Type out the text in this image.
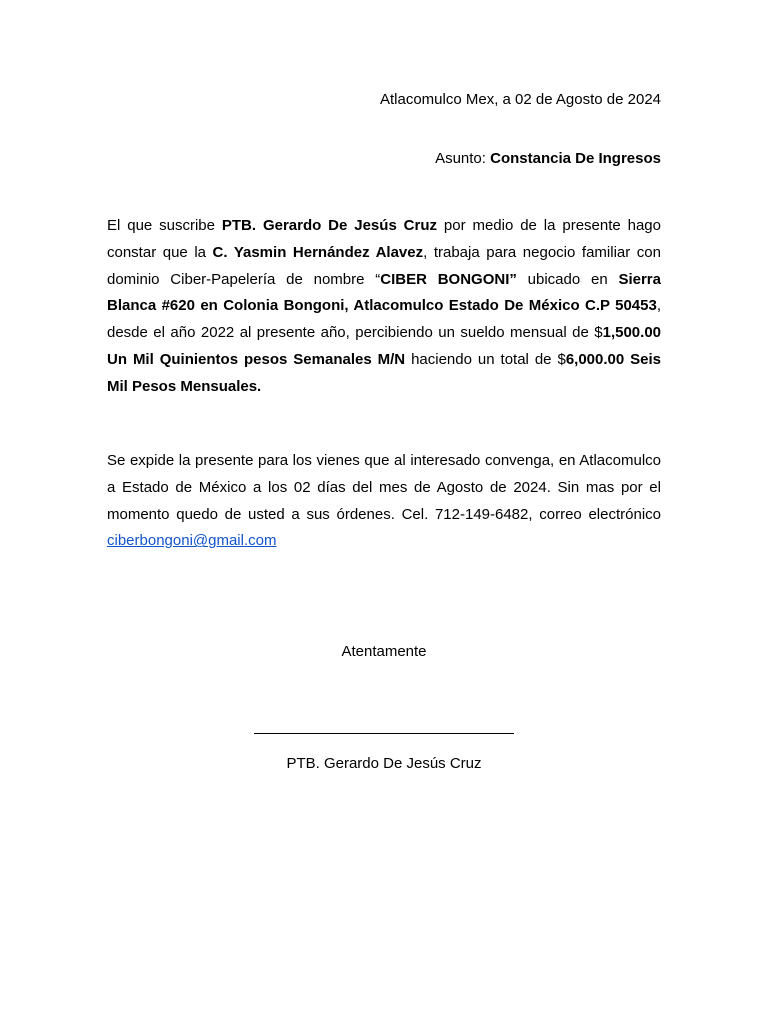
Atlacomulco Mex, a 02 de Agosto de 2024
Asunto: Constancia De Ingresos
El que suscribe PTB. Gerardo De Jesús Cruz por medio de la presente hago constar que la C. Yasmin Hernández Alavez, trabaja para negocio familiar con dominio Ciber-Papelería de nombre “CIBER BONGONI” ubicado en Sierra Blanca #620 en Colonia Bongoni, Atlacomulco Estado De México C.P 50453, desde el año 2022 al presente año, percibiendo un sueldo mensual de $1,500.00 Un Mil Quinientos pesos Semanales M/N haciendo un total de $6,000.00 Seis Mil Pesos Mensuales.
Se expide la presente para los vienes que al interesado convenga, en Atlacomulco a Estado de México a los 02 días del mes de Agosto de 2024. Sin mas por el momento quedo de usted a sus órdenes. Cel. 712-149-6482, correo electrónico ciberbongoni@gmail.com
Atentamente
PTB. Gerardo De Jesús Cruz
